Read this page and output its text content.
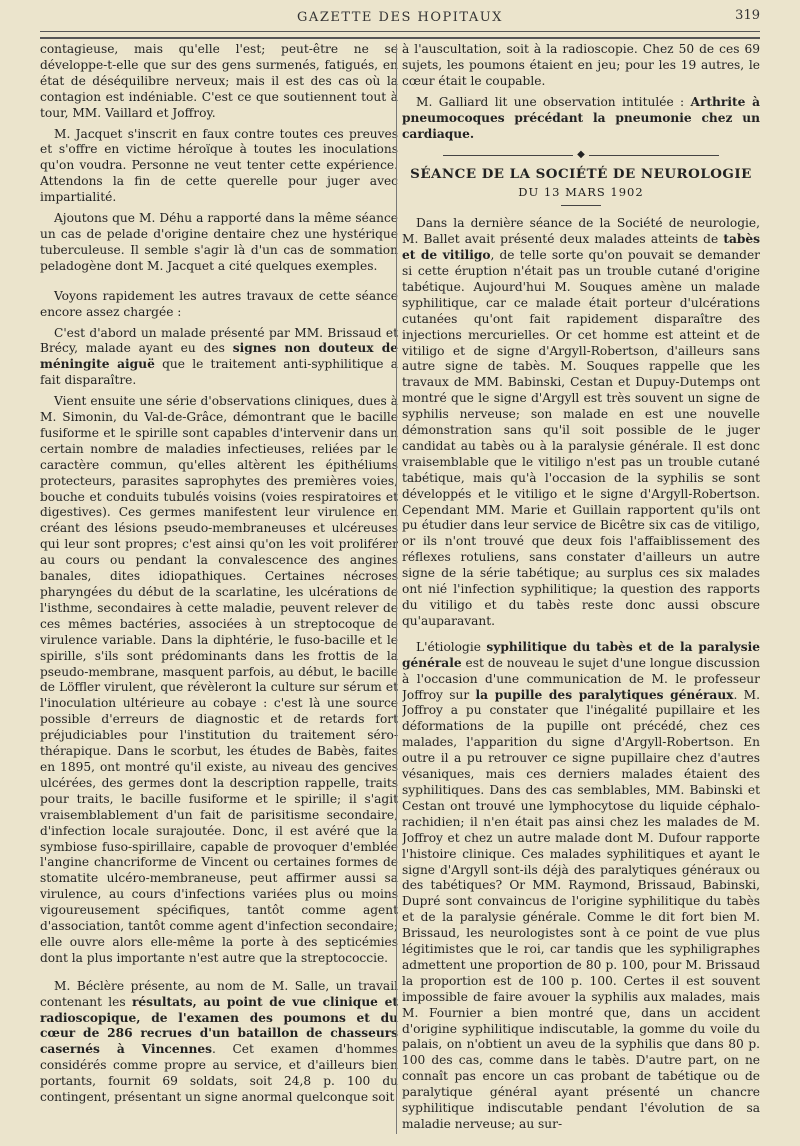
GAZETTE DES HOPITAUX	319

contagieuse, mais qu'elle l'est; peut-être ne se développe-t-elle que sur des gens surmenés, fatigués, en état de déséquilibre nerveux; mais il est des cas où la contagion est indéniable. C'est ce que soutiennent tout à tour, MM. Vaillard et Joffroy.

M. Jacquet s'inscrit en faux contre toutes ces preuves et s'offre en victime héroïque à toutes les inoculations qu'on voudra. Personne ne veut tenter cette expérience. Attendons la fin de cette querelle pour juger avec impartialité.

Ajoutons que M. Déhu a rapporté dans la même séance un cas de pelade d'origine dentaire chez une hystérique tuberculeuse. Il semble s'agir là d'un cas de sommation peladogène dont M. Jacquet a cité quelques exemples.

Voyons rapidement les autres travaux de cette séance encore assez chargée :

C'est d'abord un malade présenté par MM. Brissaud et Brécy, malade ayant eu des signes non douteux de méningite aiguë que le traitement anti-syphilitique a fait disparaître.

Vient ensuite une série d'observations cliniques, dues à M. Simonin, du Val-de-Grâce, démontrant que le bacille fusiforme et le spirille sont capables d'intervenir dans un certain nombre de maladies infectieuses, reliées par le caractère commun, qu'elles altèrent les épithéliums protecteurs, parasites saprophytes des premières voies, bouche et conduits tubulés voisins (voies respiratoires et digestives). Ces germes manifestent leur virulence en créant des lésions pseudo-membraneuses et ulcéreuses qui leur sont propres; c'est ainsi qu'on les voit proliférer au cours ou pendant la convalescence des angines banales, dites idiopathiques. Certaines nécroses pharyngées du début de la scarlatine, les ulcérations de l'isthme, secondaires à cette maladie, peuvent relever de ces mêmes bactéries, associées à un streptocoque de virulence variable. Dans la diphtérie, le fuso-bacille et le spirille, s'ils sont prédominants dans les frottis de la pseudo-membrane, masquent parfois, au début, le bacille de Löffler virulent, que révèleront la culture sur sérum et l'inoculation ultérieure au cobaye : c'est là une source possible d'erreurs de diagnostic et de retards fort préjudiciables pour l'institution du traitement séro-thérapique. Dans le scorbut, les études de Babès, faites en 1895, ont montré qu'il existe, au niveau des gencives ulcérées, des germes dont la description rappelle, traits pour traits, le bacille fusiforme et le spirille; il s'agit vraisemblablement d'un fait de parisitisme secondaire, d'infection locale surajoutée. Donc, il est avéré que la symbiose fuso-spirillaire, capable de provoquer d'emblée l'angine chancriforme de Vincent ou certaines formes de stomatite ulcéro-membraneuse, peut affirmer aussi sa virulence, au cours d'infections variées plus ou moins vigoureusement spécifiques, tantôt comme agent d'association, tantôt comme agent d'infection secondaire; elle ouvre alors elle-même la porte à des septicémies dont la plus importante n'est autre que la streptococcie.

M. Béclère présente, au nom de M. Salle, un travail contenant les résultats, au point de vue clinique et radioscopique, de l'examen des poumons et du cœur de 286 recrues d'un bataillon de chasseurs casernés à Vincennes. Cet examen d'hommes considérés comme propre au service, et d'ailleurs bien portants, fournit 69 soldats, soit 24,8 p. 100 du contingent, présentant un signe anormal quelconque soit

à l'auscultation, soit à la radioscopie. Chez 50 de ces 69 sujets, les poumons étaient en jeu; pour les 19 autres, le cœur était le coupable.

M. Galliard lit une observation intitulée : Arthrite à pneumocoques précédant la pneumonie chez un cardiaque.

◆
SÉANCE DE LA SOCIÉTÉ DE NEUROLOGIE
DU 13 MARS 1902

Dans la dernière séance de la Société de neurologie, M. Ballet avait présenté deux malades atteints de tabès et de vitiligo, de telle sorte qu'on pouvait se demander si cette éruption n'était pas un trouble cutané d'origine tabétique. Aujourd'hui M. Souques amène un malade syphilitique, car ce malade était porteur d'ulcérations cutanées qu'ont fait rapidement disparaître des injections mercurielles. Or cet homme est atteint et de vitiligo et de signe d'Argyll-Robertson, d'ailleurs sans autre signe de tabès. M. Souques rappelle que les travaux de MM. Babinski, Cestan et Dupuy-Dutemps ont montré que le signe d'Argyll est très souvent un signe de syphilis nerveuse; son malade en est une nouvelle démonstration sans qu'il soit possible de le juger candidat au tabès ou à la paralysie générale. Il est donc vraisemblable que le vitiligo n'est pas un trouble cutané tabétique, mais qu'à l'occasion de la syphilis se sont développés et le vitiligo et le signe d'Argyll-Robertson. Cependant MM. Marie et Guillain rapportent qu'ils ont pu étudier dans leur service de Bicêtre six cas de vitiligo, or ils n'ont trouvé que deux fois l'affaiblissement des réflexes rotuliens, sans constater d'ailleurs un autre signe de la série tabétique; au surplus ces six malades ont nié l'infection syphilitique; la question des rapports du vitiligo et du tabès reste donc aussi obscure qu'auparavant.

L'étiologie syphilitique du tabès et de la paralysie générale est de nouveau le sujet d'une longue discussion à l'occasion d'une communication de M. le professeur Joffroy sur la pupille des paralytiques généraux. M. Joffroy a pu constater que l'inégalité pupillaire et les déformations de la pupille ont précédé, chez ces malades, l'apparition du signe d'Argyll-Robertson. En outre il a pu retrouver ce signe pupillaire chez d'autres vésaniques, mais ces derniers malades étaient des syphilitiques. Dans des cas semblables, MM. Babinski et Cestan ont trouvé une lymphocytose du liquide céphalo-rachidien; il n'en était pas ainsi chez les malades de M. Joffroy et chez un autre malade dont M. Dufour rapporte l'histoire clinique. Ces malades syphilitiques et ayant le signe d'Argyll sont-ils déjà des paralytiques généraux ou des tabétiques? Or MM. Raymond, Brissaud, Babinski, Dupré sont convaincus de l'origine syphilitique du tabès et de la paralysie générale. Comme le dit fort bien M. Brissaud, les neurologistes sont à ce point de vue plus légitimistes que le roi, car tandis que les syphiligraphes admettent une proportion de 80 p. 100, pour M. Brissaud la proportion est de 100 p. 100. Certes il est souvent impossible de faire avouer la syphilis aux malades, mais M. Fournier a bien montré que, dans un accident d'origine syphilitique indiscutable, la gomme du voile du palais, on n'obtient un aveu de la syphilis que dans 80 p. 100 des cas, comme dans le tabès. D'autre part, on ne connaît pas encore un cas probant de tabétique ou de paralytique général ayant présenté un chancre syphilitique indiscutable pendant l'évolution de sa maladie nerveuse; au sur-
